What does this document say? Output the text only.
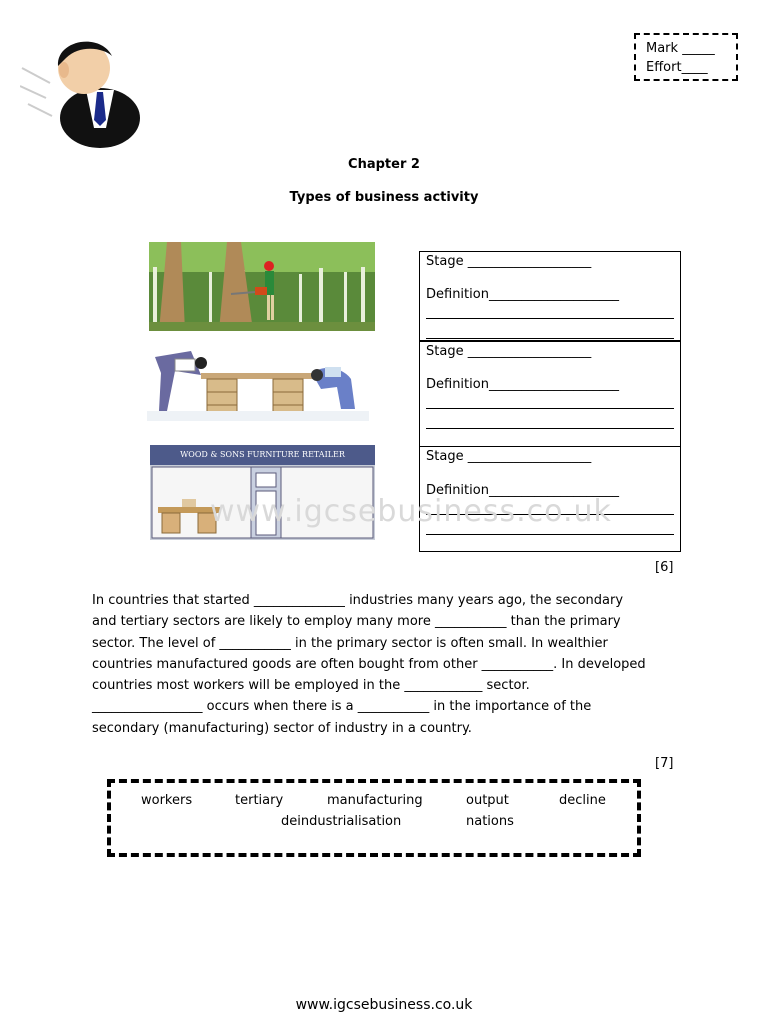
Mark _____
Effort____
Chapter 2
Types of business activity
WOOD & SONS FURNITURE RETAILER
Stage ___________________
Definition____________________
Stage ___________________
Definition____________________
Stage ___________________
Definition____________________
www.igcsebusiness.co.uk
[6]
In countries that started ______________ industries many years ago, the secondary
and tertiary sectors are likely to employ many more ___________ than the primary
sector. The level of ___________ in the primary sector is often small. In wealthier
countries manufactured goods are often bought from other ___________. In developed
countries most workers will be employed in the ____________ sector.
_________________ occurs when there is a ___________ in the importance of the
secondary (manufacturing) sector of industry in a country.
[7]
workers	tertiary	manufacturing	output	decline
deindustrialisation	nations
www.igcsebusiness.co.uk
